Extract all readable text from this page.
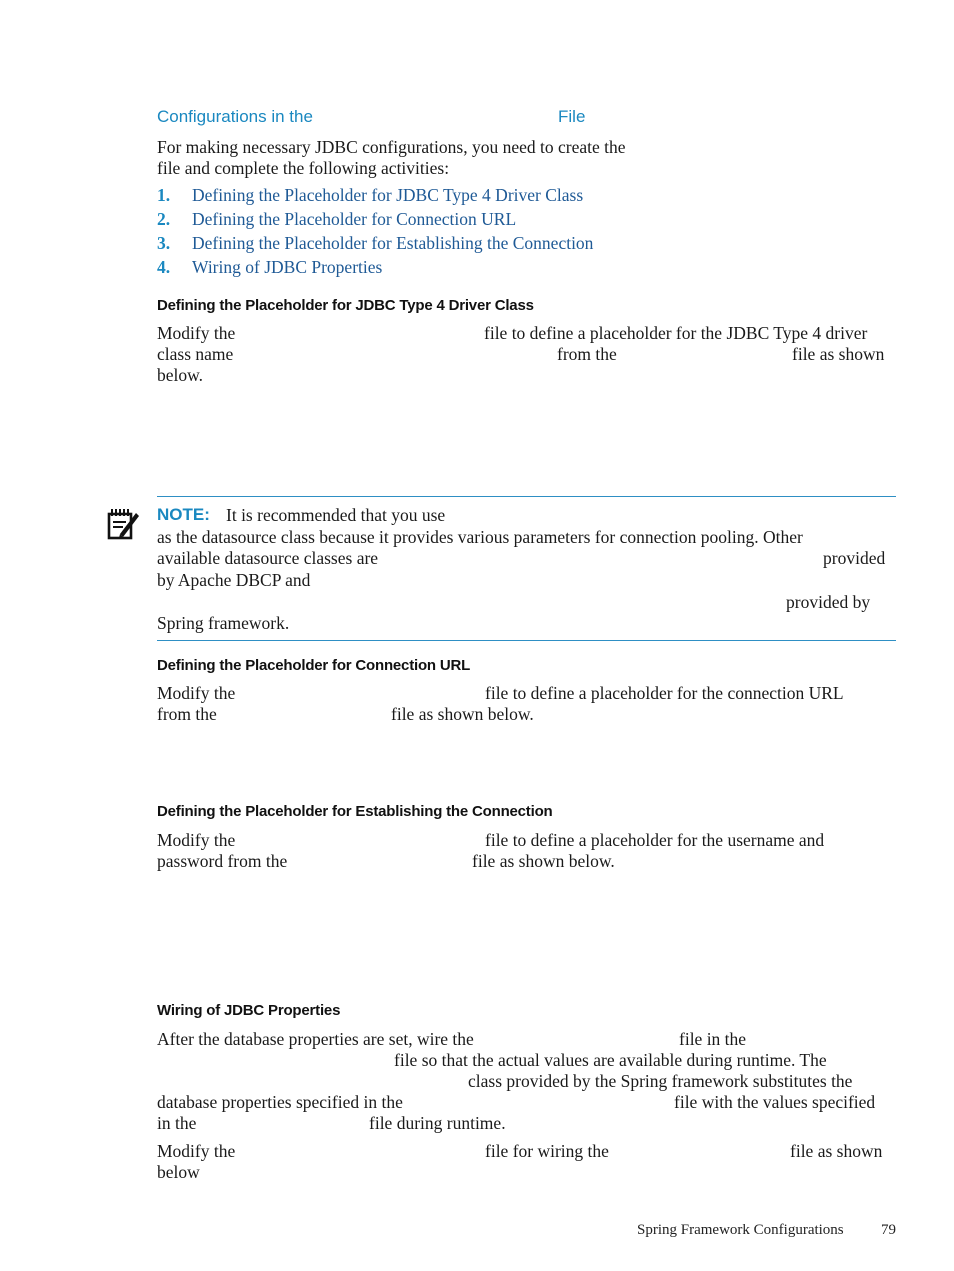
Configurations in the	File
For making necessary JDBC configurations, you need to create the
file and complete the following activities:
1. Defining the Placeholder for JDBC Type 4 Driver Class
2. Defining the Placeholder for Connection URL
3. Defining the Placeholder for Establishing the Connection
4. Wiring of JDBC Properties
Defining the Placeholder for JDBC Type 4 Driver Class
Modify the	file to define a placeholder for the JDBC Type 4 driver
class name	from the	file as shown
below.
NOTE: It is recommended that you use
as the datasource class because it provides various parameters for connection pooling. Other
available datasource classes are	provided
by Apache DBCP and
provided by
Spring framework.
Defining the Placeholder for Connection URL
Modify the	file to define a placeholder for the connection URL
from the	file as shown below.
Defining the Placeholder for Establishing the Connection
Modify the	file to define a placeholder for the username and
password from the	file as shown below.
Wiring of JDBC Properties
After the database properties are set, wire the	file in the
file so that the actual values are available during runtime. The
class provided by the Spring framework substitutes the
database properties specified in the	file with the values specified
in the	file during runtime.
Modify the	file for wiring the	file as shown
below
Spring Framework Configurations 79
